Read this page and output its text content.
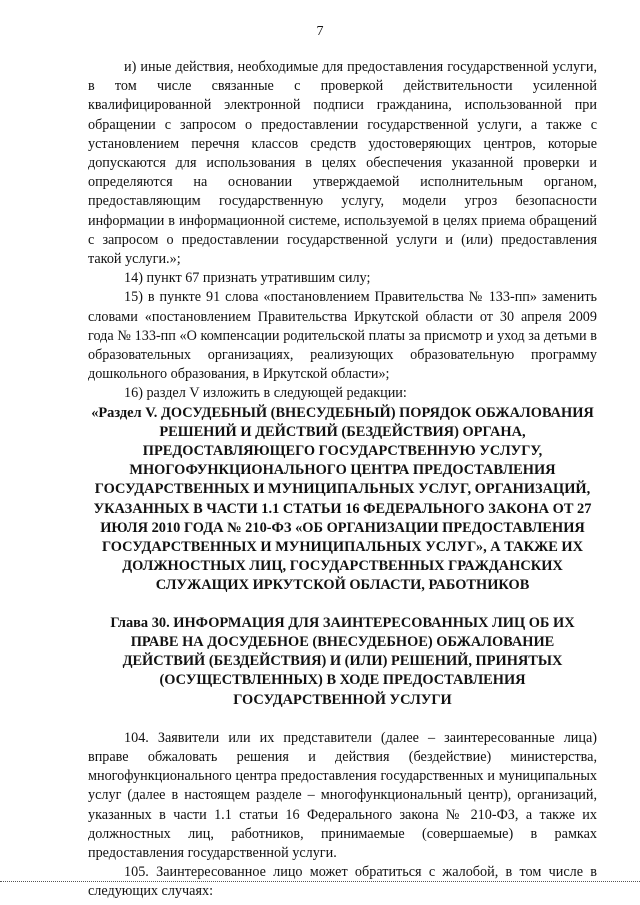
7

и) иные действия, необходимые для предоставления государственной услуги, в том числе связанные с проверкой действительности усиленной квалифицированной электронной подписи гражданина, использованной при обращении с запросом о предоставлении государственной услуги, а также с установлением перечня классов средств удостоверяющих центров, которые допускаются для использования в целях обеспечения указанной проверки и определяются на основании утверждаемой исполнительным органом, предоставляющим государственную услугу, модели угроз безопасности информации в информационной системе, используемой в целях приема обращений с запросом о предоставлении государственной услуги и (или) предоставления такой услуги.»;

14) пункт 67 признать утратившим силу;

15) в пункте 91 слова «постановлением Правительства № 133-пп» заменить словами «постановлением Правительства Иркутской области от 30 апреля 2009 года № 133-пп «О компенсации родительской платы за присмотр и уход за детьми в образовательных организациях, реализующих образовательную программу дошкольного образования, в Иркутской области»;

16) раздел V изложить в следующей редакции:

«Раздел V. ДОСУДЕБНЫЙ (ВНЕСУДЕБНЫЙ) ПОРЯДОК ОБЖАЛОВАНИЯ РЕШЕНИЙ И ДЕЙСТВИЙ (БЕЗДЕЙСТВИЯ) ОРГАНА, ПРЕДОСТАВЛЯЮЩЕГО ГОСУДАРСТВЕННУЮ УСЛУГУ, МНОГОФУНКЦИОНАЛЬНОГО ЦЕНТРА ПРЕДОСТАВЛЕНИЯ ГОСУДАРСТВЕННЫХ И МУНИЦИПАЛЬНЫХ УСЛУГ, ОРГАНИЗАЦИЙ, УКАЗАННЫХ В ЧАСТИ 1.1 СТАТЬИ 16 ФЕДЕРАЛЬНОГО ЗАКОНА ОТ 27 ИЮЛЯ 2010 ГОДА № 210-ФЗ «ОБ ОРГАНИЗАЦИИ ПРЕДОСТАВЛЕНИЯ ГОСУДАРСТВЕННЫХ И МУНИЦИПАЛЬНЫХ УСЛУГ», А ТАКЖЕ ИХ ДОЛЖНОСТНЫХ ЛИЦ, ГОСУДАРСТВЕННЫХ ГРАЖДАНСКИХ СЛУЖАЩИХ ИРКУТСКОЙ ОБЛАСТИ, РАБОТНИКОВ
Глава 30. ИНФОРМАЦИЯ ДЛЯ ЗАИНТЕРЕСОВАННЫХ ЛИЦ ОБ ИХ ПРАВЕ НА ДОСУДЕБНОЕ (ВНЕСУДЕБНОЕ) ОБЖАЛОВАНИЕ ДЕЙСТВИЙ (БЕЗДЕЙСТВИЯ) И (ИЛИ) РЕШЕНИЙ, ПРИНЯТЫХ (ОСУЩЕСТВЛЕННЫХ) В ХОДЕ ПРЕДОСТАВЛЕНИЯ ГОСУДАРСТВЕННОЙ УСЛУГИ

104. Заявители или их представители (далее – заинтересованные лица) вправе обжаловать решения и действия (бездействие) министерства, многофункционального центра предоставления государственных и муниципальных услуг (далее в настоящем разделе – многофункциональный центр), организаций, указанных в части 1.1 статьи 16 Федерального закона № 210-ФЗ, а также их должностных лиц, работников, принимаемые (совершаемые) в рамках предоставления государственной услуги.

105. Заинтересованное лицо может обратиться с жалобой, в том числе в следующих случаях:
